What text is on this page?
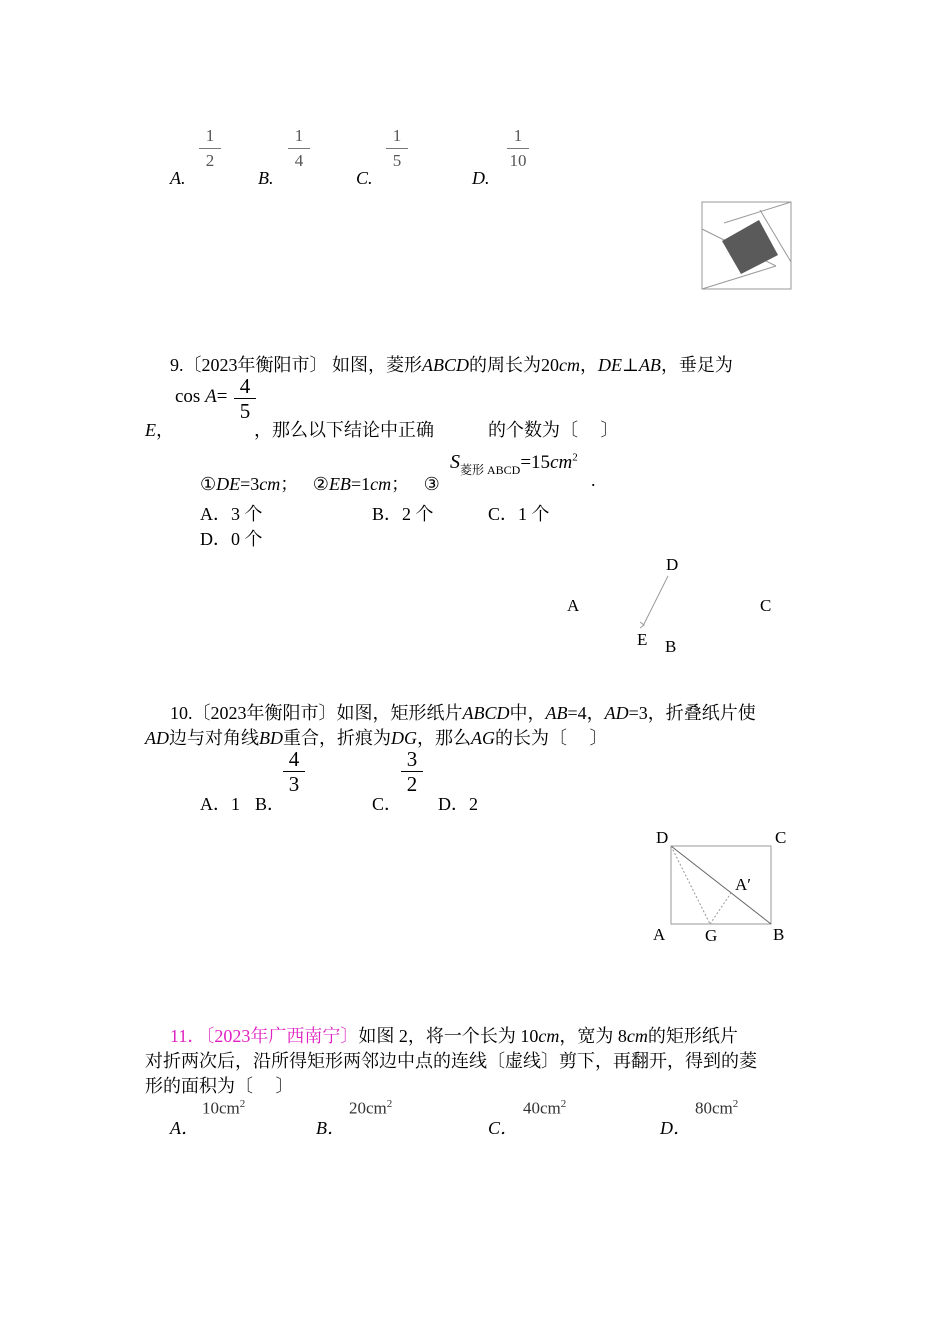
A.
1
2
B.
1
4
C.
1
5
D.
1
10
9.〔2023年衡阳市〕 如图，菱形ABCD的周长为20cm，DE⊥AB，垂足为
cos A= 4
5
E，	，那么以下结论中正确	的个数为〔　 〕
①DE=3cm； ②EB=1cm； ③
$S_{菱形 ABCD}=15cm^2$
.
A．3 个	B．2 个	C．1 个
D．0 个
D
A	C
E B
10.〔2023年衡阳市〕如图，矩形纸片ABCD中，AB=4，AD=3，折叠纸片使
AD边与对角线BD重合，折痕为DG，那么AG的长为〔　 〕
A．1 B．
4
3
C．
3
2
D．2
D	C
A′
A G	B
11．〔2023年广西南宁〕如图 2，将一个长为 10cm，宽为 8cm的矩形纸片
对折两次后，沿所得矩形两邻边中点的连线〔虚线〕剪下，再翻开，得到的菱
形的面积为〔　 〕
A．
$10cm^2$
B．
$20cm^2$
C．
$40cm^2$
D．
$80cm^2$
